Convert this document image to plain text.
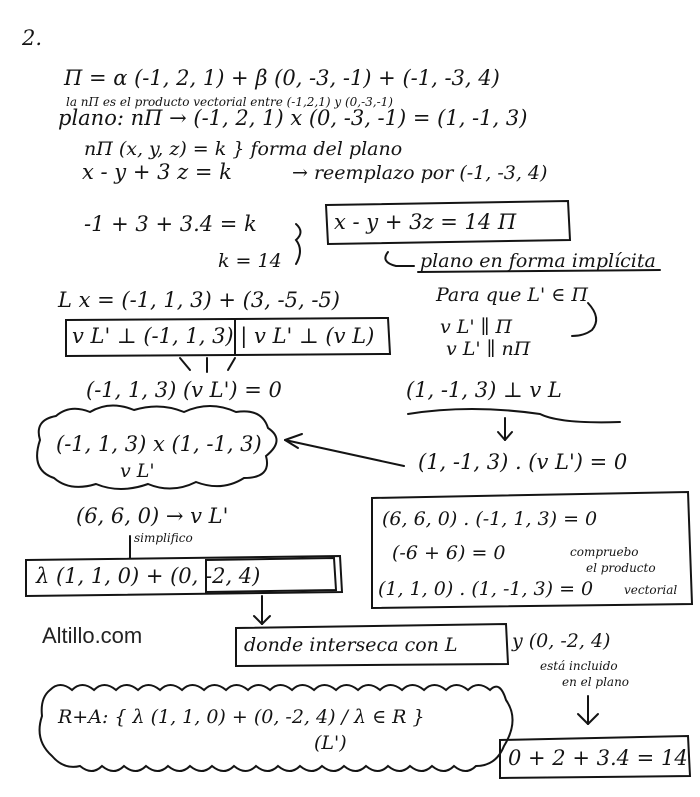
2.
Π = α (-1, 2, 1) + β (0, -3, -1) + (-1, -3, 4)
la nΠ es el producto vectorial entre (-1,2,1) y (0,-3,-1)
plano: nΠ → (-1, 2, 1) x (0, -3, -1) = (1, -1, 3)
nΠ (x, y, z) = k } forma del plano
x - y + 3 z = k	→ reemplazo por (-1, -3, 4)
-1 + 3 + 3.4 = k
k = 14
x - y + 3z = 14 Π
plano en forma implícita
L x = (-1, 1, 3) + (3, -5, -5)	Para que L' ∈ Π
v L' ⊥ (-1, 1, 3) | v L' ⊥ (v L)	v L' ∥ Π
v L' ∥ nΠ
(-1, 1, 3) (v L') = 0	(1, -1, 3) ⊥ v L
(-1, 1, 3) x (1, -1, 3)
v L'	(1, -1, 3) . (v L') = 0
(6, 6, 0) → v L'
simplifico
λ (1, 1, 0) + (0, -2, 4)
(6, 6, 0) . (-1, 1, 3) = 0
(-6 + 6) = 0	compruebo
el producto
(1, 1, 0) . (1, -1, 3) = 0	vectorial
Altillo.com	donde interseca con L	y (0, -2, 4)
está incluido
en el plano
R+A: { λ (1, 1, 0) + (0, -2, 4) / λ ∈ R }
(L')
0 + 2 + 3.4 = 14
